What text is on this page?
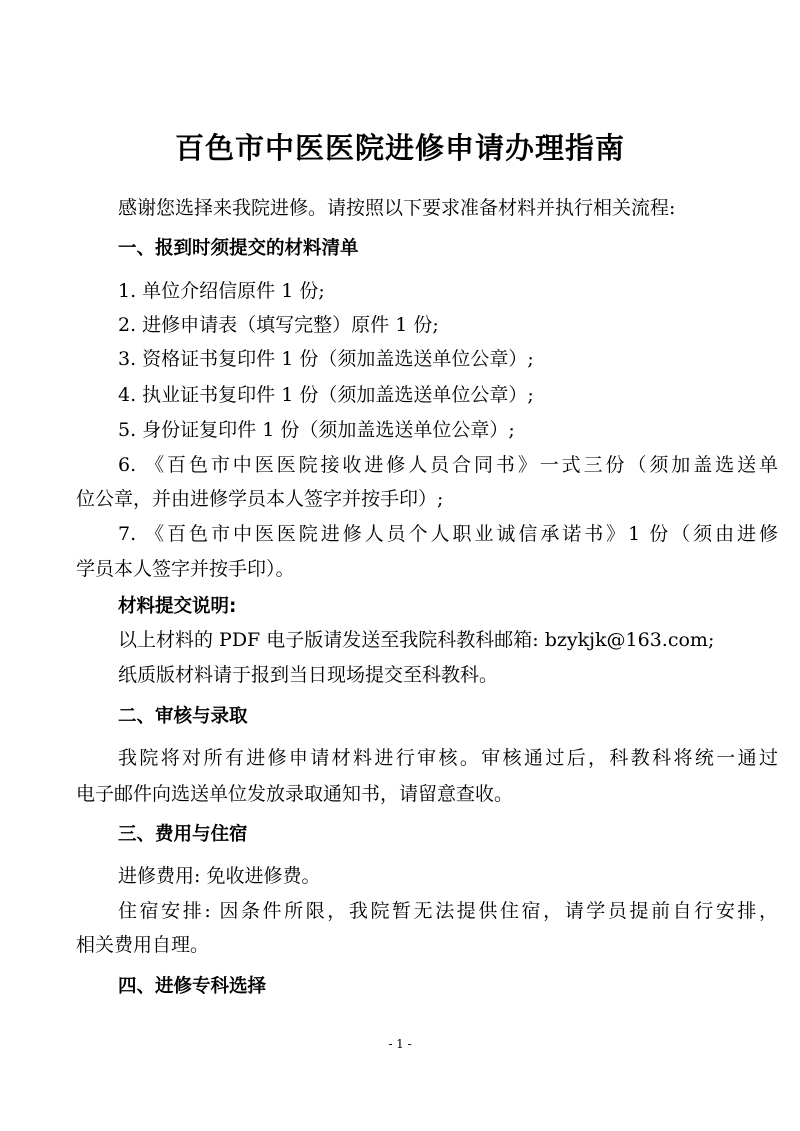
百色市中医医院进修申请办理指南
感谢您选择来我院进修。请按照以下要求准备材料并执行相关流程:
一、报到时须提交的材料清单
1. 单位介绍信原件 1 份;
2. 进修申请表（填写完整）原件 1 份;
3. 资格证书复印件 1 份（须加盖选送单位公章）;
4. 执业证书复印件 1 份（须加盖选送单位公章）;
5. 身份证复印件 1 份（须加盖选送单位公章）;
6. 《百色市中医医院接收进修人员合同书》一式三份（须加盖选送单
位公章，并由进修学员本人签字并按手印）;
7. 《百色市中医医院进修人员个人职业诚信承诺书》1 份（须由进修
学员本人签字并按手印）。
材料提交说明:
以上材料的 PDF 电子版请发送至我院科教科邮箱: bzykjk@163.com;
纸质版材料请于报到当日现场提交至科教科。
二、审核与录取
我院将对所有进修申请材料进行审核。审核通过后，科教科将统一通过
电子邮件向选送单位发放录取通知书，请留意查收。
三、费用与住宿
进修费用: 免收进修费。
住宿安排: 因条件所限，我院暂无法提供住宿，请学员提前自行安排，
相关费用自理。
四、进修专科选择
- 1 -
